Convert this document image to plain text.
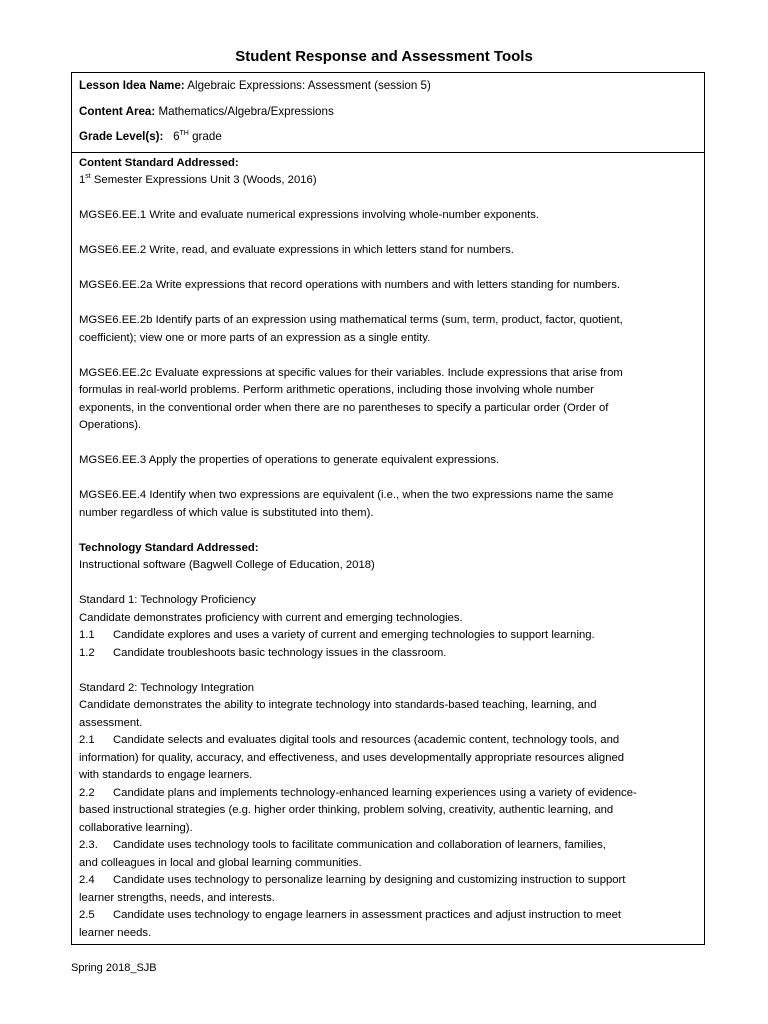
Student Response and Assessment Tools

Lesson Idea Name: Algebraic Expressions: Assessment (session 5)

Content Area: Mathematics/Algebra/Expressions

Grade Level(s): 6TH grade

Content Standard Addressed:

1st Semester Expressions Unit 3 (Woods, 2016)

MGSE6.EE.1 Write and evaluate numerical expressions involving whole-number exponents.

MGSE6.EE.2 Write, read, and evaluate expressions in which letters stand for numbers.

MGSE6.EE.2a Write expressions that record operations with numbers and with letters standing for numbers.

MGSE6.EE.2b Identify parts of an expression using mathematical terms (sum, term, product, factor, quotient,

coefficient); view one or more parts of an expression as a single entity.

MGSE6.EE.2c Evaluate expressions at specific values for their variables. Include expressions that arise from

formulas in real-world problems. Perform arithmetic operations, including those involving whole number

exponents, in the conventional order when there are no parentheses to specify a particular order (Order of

Operations).

MGSE6.EE.3 Apply the properties of operations to generate equivalent expressions.

MGSE6.EE.4 Identify when two expressions are equivalent (i.e., when the two expressions name the same

number regardless of which value is substituted into them).

Technology Standard Addressed:

Instructional software (Bagwell College of Education, 2018)

Standard 1: Technology Proficiency

Candidate demonstrates proficiency with current and emerging technologies.

1.1 Candidate explores and uses a variety of current and emerging technologies to support learning.

1.2 Candidate troubleshoots basic technology issues in the classroom.

Standard 2: Technology Integration

Candidate demonstrates the ability to integrate technology into standards-based teaching, learning, and

assessment.

2.1 Candidate selects and evaluates digital tools and resources (academic content, technology tools, and

information) for quality, accuracy, and effectiveness, and uses developmentally appropriate resources aligned

with standards to engage learners.

2.2 Candidate plans and implements technology-enhanced learning experiences using a variety of evidence-

based instructional strategies (e.g. higher order thinking, problem solving, creativity, authentic learning, and

collaborative learning).

2.3. Candidate uses technology tools to facilitate communication and collaboration of learners, families,

and colleagues in local and global learning communities.

2.4 Candidate uses technology to personalize learning by designing and customizing instruction to support

learner strengths, needs, and interests.

2.5 Candidate uses technology to engage learners in assessment practices and adjust instruction to meet

learner needs.

Spring 2018_SJB
